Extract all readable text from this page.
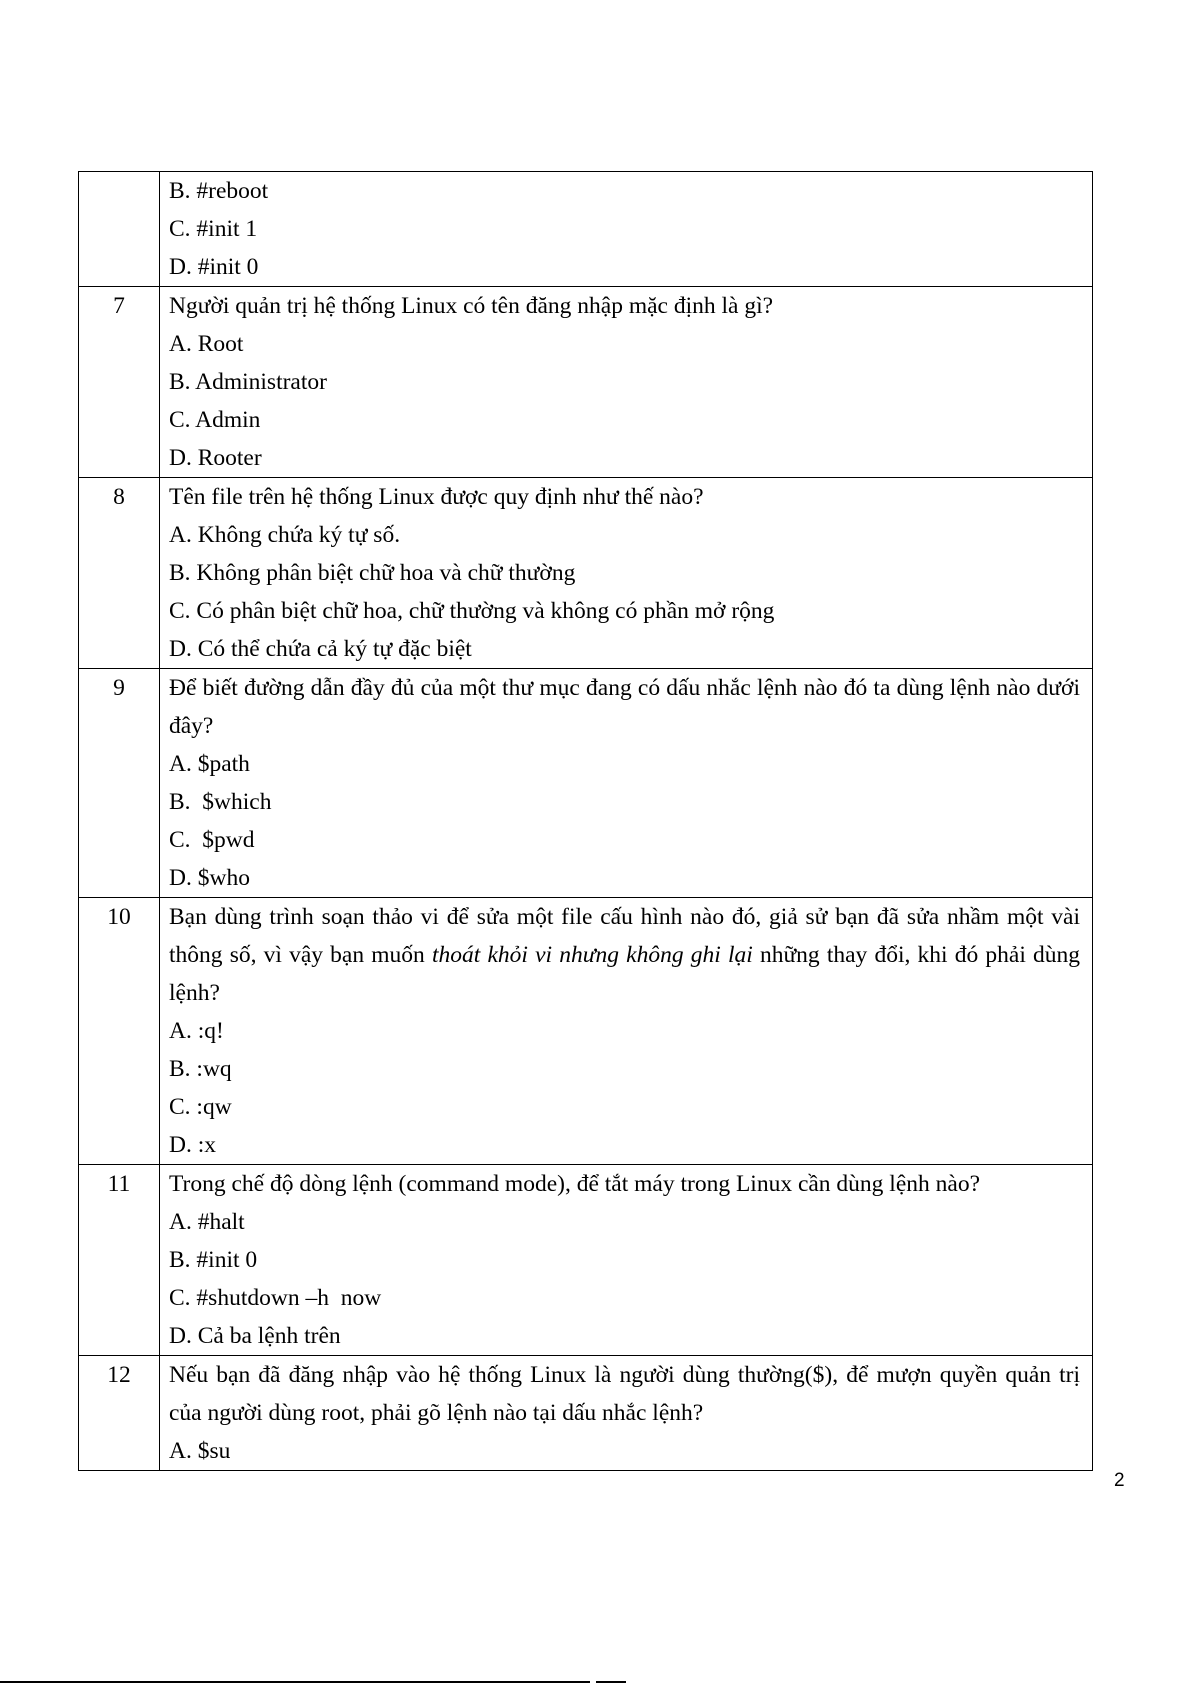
	B. #reboot
C. #init 1
D. #init 0

7	Người quản trị hệ thống Linux có tên đăng nhập mặc định là gì?
A. Root
B. Administrator
C. Admin
D. Rooter

8	Tên file trên hệ thống Linux được quy định như thế nào?
A. Không chứa ký tự số.
B. Không phân biệt chữ hoa và chữ thường
C. Có phân biệt chữ hoa, chữ thường và không có phần mở rộng
D. Có thể chứa cả ký tự đặc biệt

9	Để biết đường dẫn đầy đủ của một thư mục đang có dấu nhắc lệnh nào đó ta dùng lệnh nào dưới đây?
A. $path
B.  $which
C.  $pwd
D. $who

10	Bạn dùng trình soạn thảo vi để sửa một file cấu hình nào đó, giả sử bạn đã sửa nhầm một vài thông số, vì vậy bạn muốn thoát khỏi vi nhưng không ghi lại những thay đổi, khi đó phải dùng lệnh?
A. :q!
B. :wq
C. :qw
D. :x

11	Trong chế độ dòng lệnh (command mode), để tắt máy trong Linux cần dùng lệnh nào?
A. #halt
B. #init 0
C. #shutdown –h  now
D. Cả ba lệnh trên

12	Nếu bạn đã đăng nhập vào hệ thống Linux là người dùng thường($), để mượn quyền quản trị của người dùng root, phải gõ lệnh nào tại dấu nhắc lệnh?
A. $su
2
